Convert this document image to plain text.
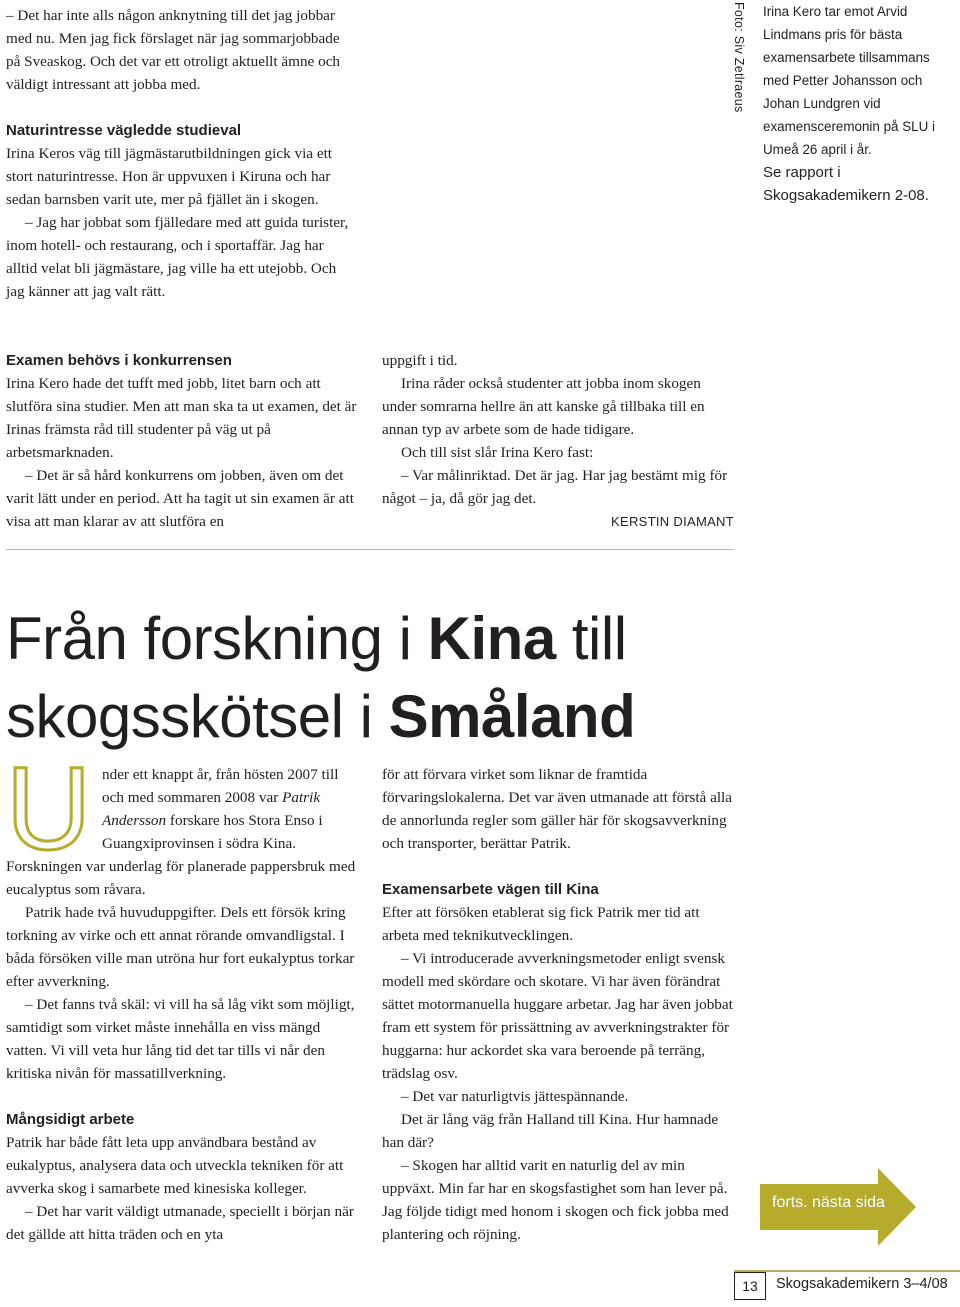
– Det har inte alls någon anknytning till det jag jobbar med nu. Men jag fick förslaget när jag sommarjobbade på Sveaskog. Och det var ett otroligt aktuellt ämne och väldigt intressant att jobba med.

Naturintresse vägledde studieval

Irina Keros väg till jägmästarutbildningen gick via ett stort naturintresse. Hon är uppvuxen i Kiruna och har sedan barnsben varit ute, mer på fjället än i skogen.

– Jag har jobbat som fjälledare med att guida turister, inom hotell- och restaurang, och i sportaffär. Jag har alltid velat bli jägmästare, jag ville ha ett utejobb. Och jag känner att jag valt rätt.

Foto: Siv Zetlraeus Irina Kero tar emot Arvid Lindmans pris för bästa examensarbete tillsammans med Petter Johansson och Johan Lundgren vid examensceremonin på SLU i Umeå 26 april i år.
Se rapport i Skogsakademikern 2-08.

Examen behövs i konkurrensen

Irina Kero hade det tufft med jobb, litet barn och att slutföra sina studier. Men att man ska ta ut examen, det är Irinas främsta råd till studenter på väg ut på arbetsmarknaden.

– Det är så hård konkurrens om jobben, även om det varit lätt under en period. Att ha tagit ut sin examen är att visa att man klarar av att slutföra en

uppgift i tid.

Irina råder också studenter att jobba inom skogen under somrarna hellre än att kanske gå tillbaka till en annan typ av arbete som de hade tidigare.

Och till sist slår Irina Kero fast:

– Var målinriktad. Det är jag. Har jag bestämt mig för något – ja, då gör jag det.

KERSTIN DIAMANT

Från forskning i Kina till skogsskötsel i Småland

nder ett knappt år, från hösten 2007 till och med sommaren 2008 var Patrik Andersson forskare hos Stora Enso i Guangxiprovinsen i södra Kina. Forskningen var underlag för planerade pappersbruk med eucalyptus som råvara.

Patrik hade två huvuduppgifter. Dels ett försök kring torkning av virke och ett annat rörande omvandligstal. I båda försöken ville man utröna hur fort eukalyptus torkar efter avverkning.

– Det fanns två skäl: vi vill ha så låg vikt som möjligt, samtidigt som virket måste innehålla en viss mängd vatten. Vi vill veta hur lång tid det tar tills vi når den kritiska nivån för massatillverkning.

Mångsidigt arbete

Patrik har både fått leta upp användbara bestånd av eukalyptus, analysera data och utveckla tekniken för att avverka skog i samarbete med kinesiska kolleger.

– Det har varit väldigt utmanade, speciellt i början när det gällde att hitta träden och en yta

U	för att förvara virket som liknar de framtida förvaringslokalerna. Det var även utmanade att förstå alla de annorlunda regler som gäller här för skogsavverkning och transporter, berättar Patrik.

Examensarbete vägen till Kina

Efter att försöken etablerat sig fick Patrik mer tid att arbeta med teknikutvecklingen.

– Vi introducerade avverkningsmetoder enligt svensk modell med skördare och skotare. Vi har även förändrat sättet motormanuella huggare arbetar. Jag har även jobbat fram ett system för prissättning av avverkningstrakter för huggarna: hur ackordet ska vara beroende på terräng, trädslag osv.

– Det var naturligtvis jättespännande.

Det är lång väg från Halland till Kina. Hur hamnade han där?

– Skogen har alltid varit en naturlig del av min uppväxt. Min far har en skogsfastighet som han lever på. Jag följde tidigt med honom i skogen och fick jobba med plantering och röjning.

forts. nästa sida
13	Skogsakademikern 3–4/08
